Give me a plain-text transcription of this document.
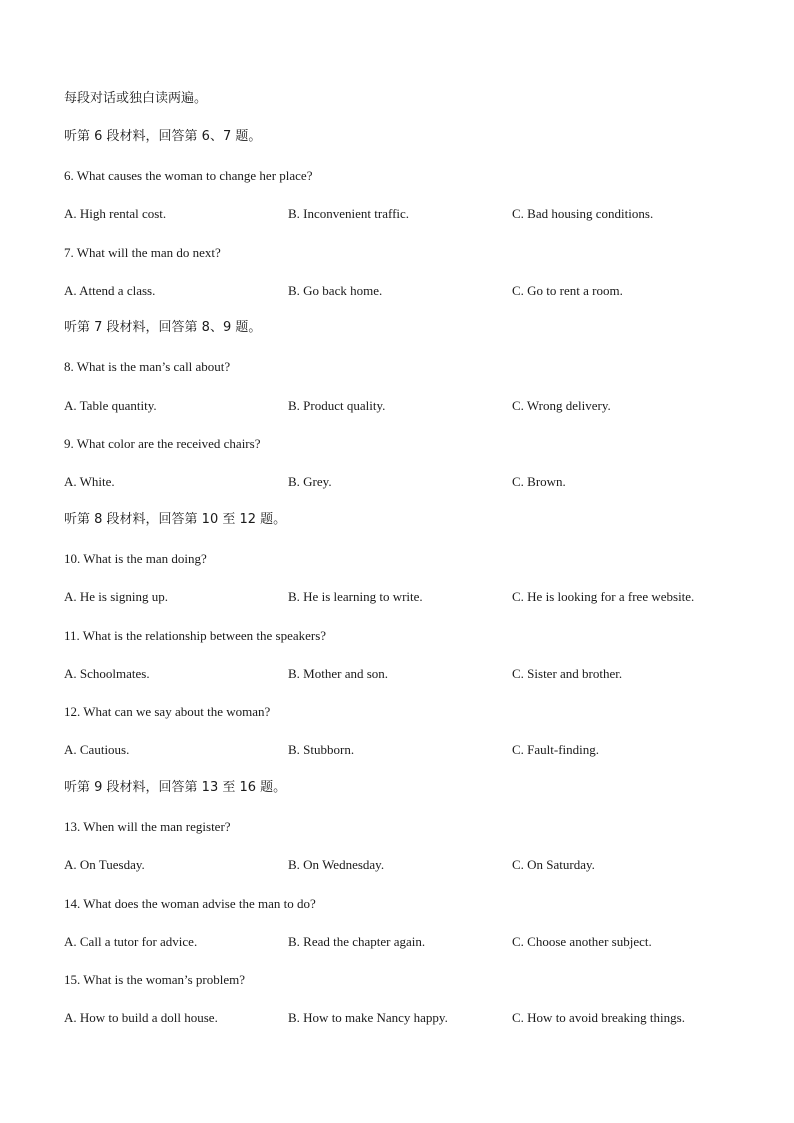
每段对话或独白读两遍。
听第 6 段材料，回答第 6、7 题。
6. What causes the woman to change her place?
A. High rental cost.	B. Inconvenient traffic.	C. Bad housing conditions.
7. What will the man do next?
A. Attend a class.	B. Go back home.	C. Go to rent a room.
听第 7 段材料，回答第 8、9 题。
8. What is the man’s call about?
A. Table quantity.	B. Product quality.	C. Wrong delivery.
9. What color are the received chairs?
A. White.	B. Grey.	C. Brown.
听第 8 段材料，回答第 10 至 12 题。
10. What is the man doing?
A. He is signing up.	B. He is learning to write.	C. He is looking for a free website.
11. What is the relationship between the speakers?
A. Schoolmates.	B. Mother and son.	C. Sister and brother.
12. What can we say about the woman?
A. Cautious.	B. Stubborn.	C. Fault-finding.
听第 9 段材料，回答第 13 至 16 题。
13. When will the man register?
A. On Tuesday.	B. On Wednesday.	C. On Saturday.
14. What does the woman advise the man to do?
A. Call a tutor for advice.	B. Read the chapter again.	C. Choose another subject.
15. What is the woman’s problem?
A. How to build a doll house.	B. How to make Nancy happy.	C. How to avoid breaking things.
